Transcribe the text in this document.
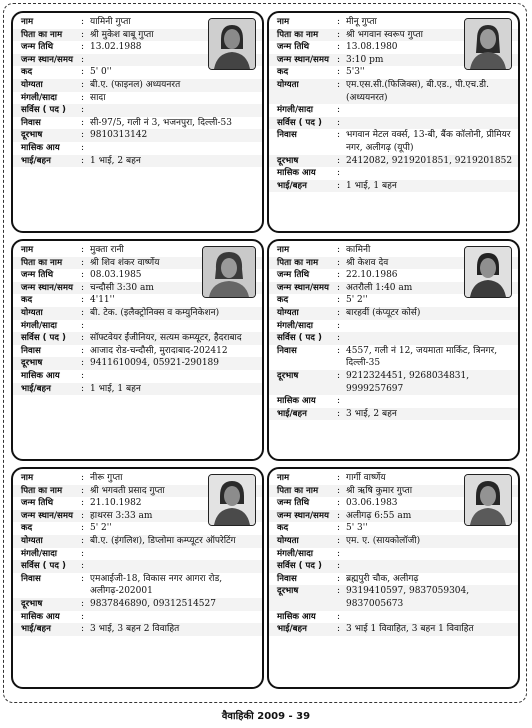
नाम	: यामिनी गुप्ता
पिता का नाम	: श्री मुकेश बाबू गुप्ता
जन्म तिथि	: 13.02.1988
जन्म स्थान/समय :
कद	: 5' 0''
योग्यता	: बी.ए. (फाइनल) अध्ययनरत
मंगली/सादा	: सादा
सर्विस ( पद )	:
निवास	: सी-97/5, गली नं 3, भजनपुरा, दिल्ली-53
दूरभाष	: 9810313142
मासिक आय	:
भाई/बहन	: 1 भाई, 2 बहन
नाम	: मीनू गुप्ता
पिता का नाम	: श्री भगवान स्वरूप गुप्ता
जन्म तिथि	: 13.08.1980
जन्म स्थान/समय : 3:10 pm
कद	: 5'3''
योग्यता	: एम.एस.सी.(फिजिक्स), बी.एड., पी.एच.डी. (अध्ययनरत)
मंगली/सादा	:
सर्विस ( पद )	:
निवास	: भगवान मेटल वर्क्स, 13-बी, बैंक कॉलोनी, प्रीमियर नगर, अलीगढ़ (यूपी)
दूरभाष	: 2412082, 9219201851, 9219201852
मासिक आय	:
भाई/बहन	: 1 भाई, 1 बहन
नाम	: मुक्ता रानी
पिता का नाम	: श्री शिव शंकर वार्ष्णेय
जन्म तिथि	: 08.03.1985
जन्म स्थान/समय : चन्दौसी 3:30 am
कद	: 4'11''
योग्यता	: बी. टेक. (इलैक्ट्रोनिक्स व कम्युनिकेशन)
मंगली/सादा	:
सर्विस ( पद )	: सॉफ्टवेयर ईंजीनियर, सत्यम कम्प्यूटर, हैदराबाद
निवास	: आजाद रोड-चन्दौसी, मुरादाबाद-202412
दूरभाष	: 9411610094, 05921-290189
मासिक आय	:
भाई/बहन	: 1 भाई, 1 बहन
नाम	: कामिनी
पिता का नाम	: श्री केशव देव
जन्म तिथि	: 22.10.1986
जन्म स्थान/समय : अतरौली 1:40 am
कद	: 5' 2''
योग्यता	: बारहवीं (कंप्यूटर कोर्स)
मंगली/सादा	:
सर्विस ( पद )	:
निवास	: 4557, गली नं 12, जयमाता मार्किट, त्रिनगर, दिल्ली-35
दूरभाष	: 9212324451, 9268034831, 9999257697
मासिक आय	:
भाई/बहन	: 3 भाई, 2 बहन
नाम	: नीरू गुप्ता
पिता का नाम	: श्री भगवती प्रसाद गुप्ता
जन्म तिथि	: 21.10.1982
जन्म स्थान/समय : हाथरस 3:33 am
कद	: 5' 2''
योग्यता	: बी.ए. (इंगलिश), डिप्लोमा कम्प्यूटर ऑपरेटिंग
मंगली/सादा	:
सर्विस ( पद )	:
निवास	: एमआईजी-18, विकास नगर आगरा रोड, अलीगढ़-202001
दूरभाष	: 9837846890, 09312514527
मासिक आय	:
भाई/बहन	: 3 भाई, 3 बहन 2 विवाहित
नाम	: गार्गी वार्ष्णेय
पिता का नाम	: श्री ऋषि कुमार गुप्ता
जन्म तिथि	: 03.06.1983
जन्म स्थान/समय : अलीगढ़ 6:55 am
कद	: 5' 3''
योग्यता	: एम. ए. (सायकोलॉजी)
मंगली/सादा	:
सर्विस ( पद )	:
निवास	: ब्रह्मपुरी चौक, अलीगढ़
दूरभाष	: 9319410597, 9837059304, 9837005673
मासिक आय	:
भाई/बहन	: 3 भाई 1 विवाहित, 3 बहन 1 विवाहित
वैवाहिकी 2009 - 39
